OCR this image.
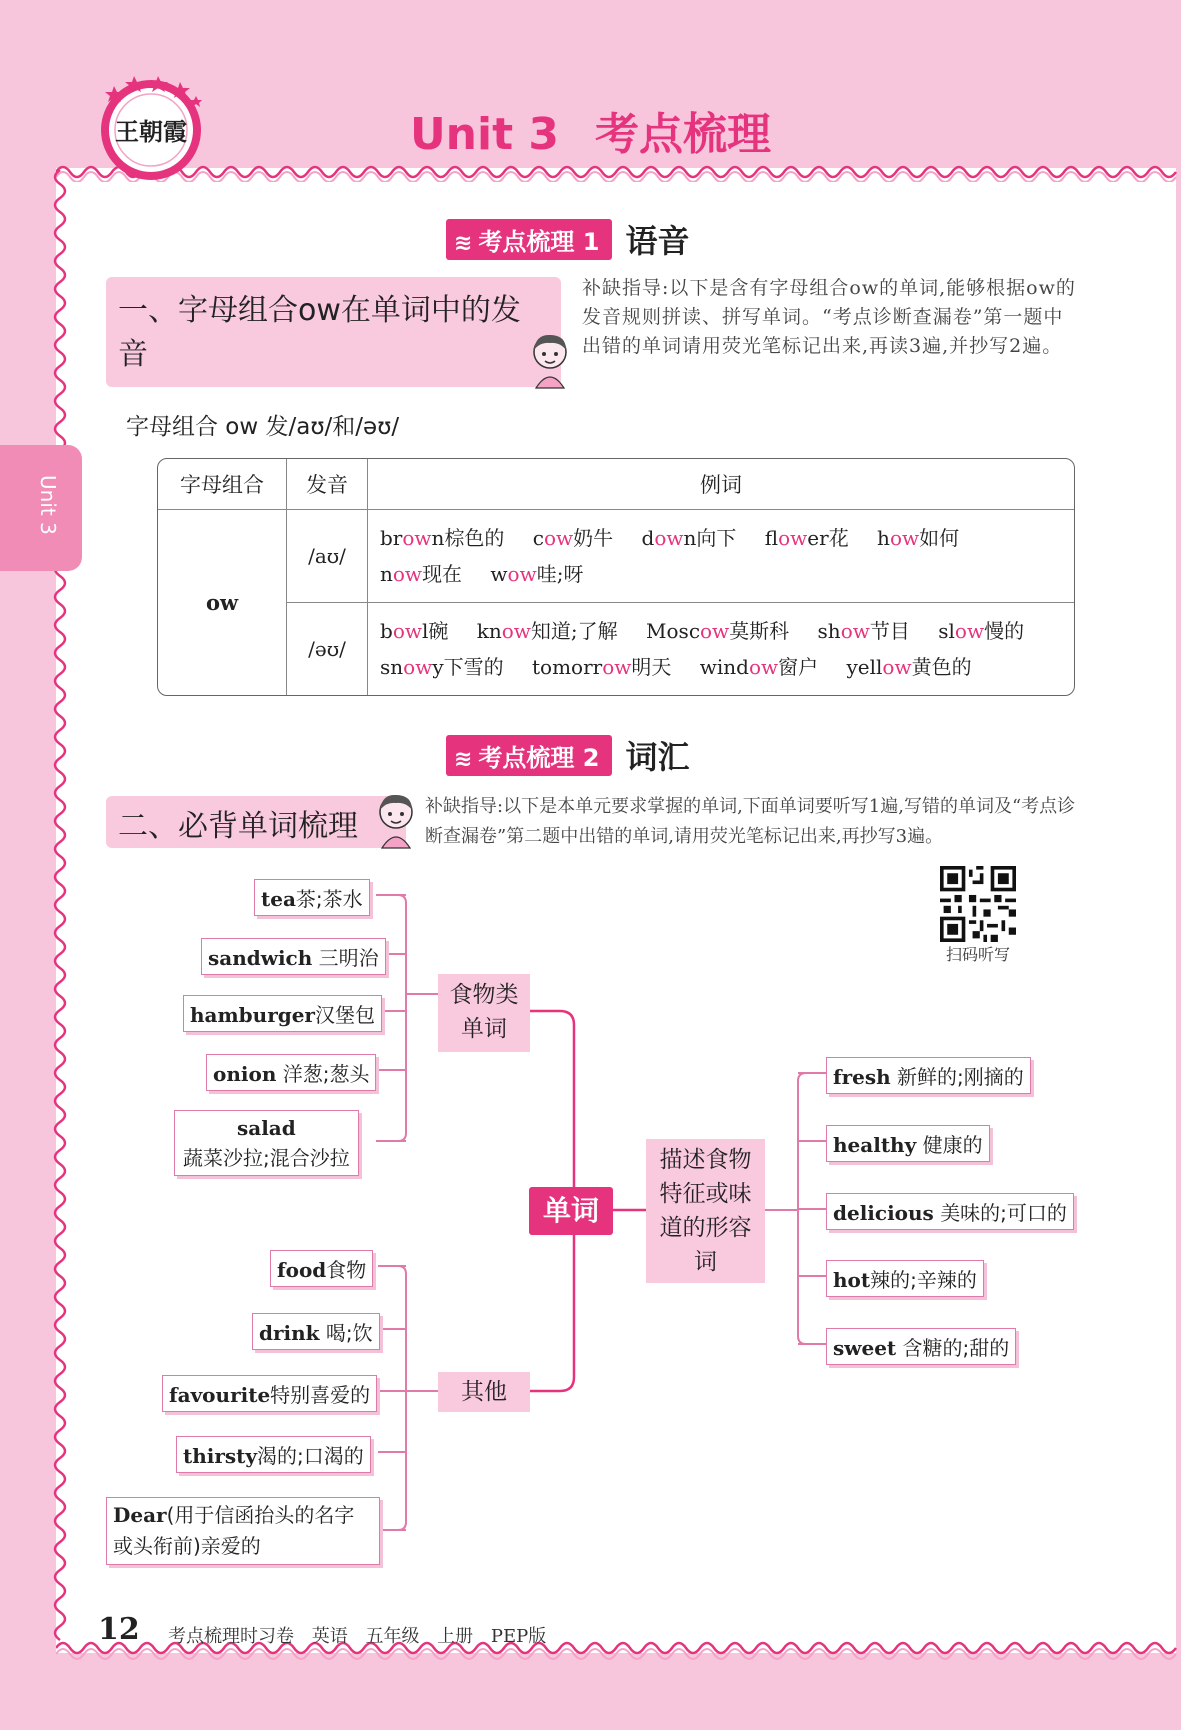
王朝霞	Unit 3 考点梳理
Unit 3
≋ 考点梳理 1 语音
一、字母组合ow在单词中的发音
补缺指导:以下是含有字母组合ow的单词,能够根据ow的发音规则拼读、拼写单词。“考点诊断查漏卷”第一题中出错的单词请用荧光笔标记出来,再读3遍,并抄写2遍。
字母组合 ow 发/aʊ/和/əʊ/
字母组合	发音	例词
ow	/aʊ/	brown棕色的 cow奶牛 down向下 flower花 how如何 now现在 wow哇;呀
	/əʊ/	bowl碗 know知道;了解 Moscow莫斯科 show节目 slow慢的 snowy下雪的 tomorrow明天 window窗户 yellow黄色的
≋ 考点梳理 2 词汇
二、必背单词梳理
补缺指导:以下是本单元要求掌握的单词,下面单词要听写1遍,写错的单词及“考点诊断查漏卷”第二题中出错的单词,请用荧光笔标记出来,再抄写3遍。
扫码听写
tea茶;茶水
sandwich 三明治
hamburger汉堡包
onion 洋葱;葱头
salad
蔬菜沙拉;混合沙拉
食物类单词
其他
单词
描述食物特征或味道的形容词
food食物
drink 喝;饮
favourite特别喜爱的
thirsty渴的;口渴的
Dear(用于信函抬头的名字或头衔前)亲爱的
fresh 新鲜的;刚摘的
healthy 健康的
delicious 美味的;可口的
hot辣的;辛辣的
sweet 含糖的;甜的
12 考点梳理时习卷 英语 五年级 上册 PEP版
